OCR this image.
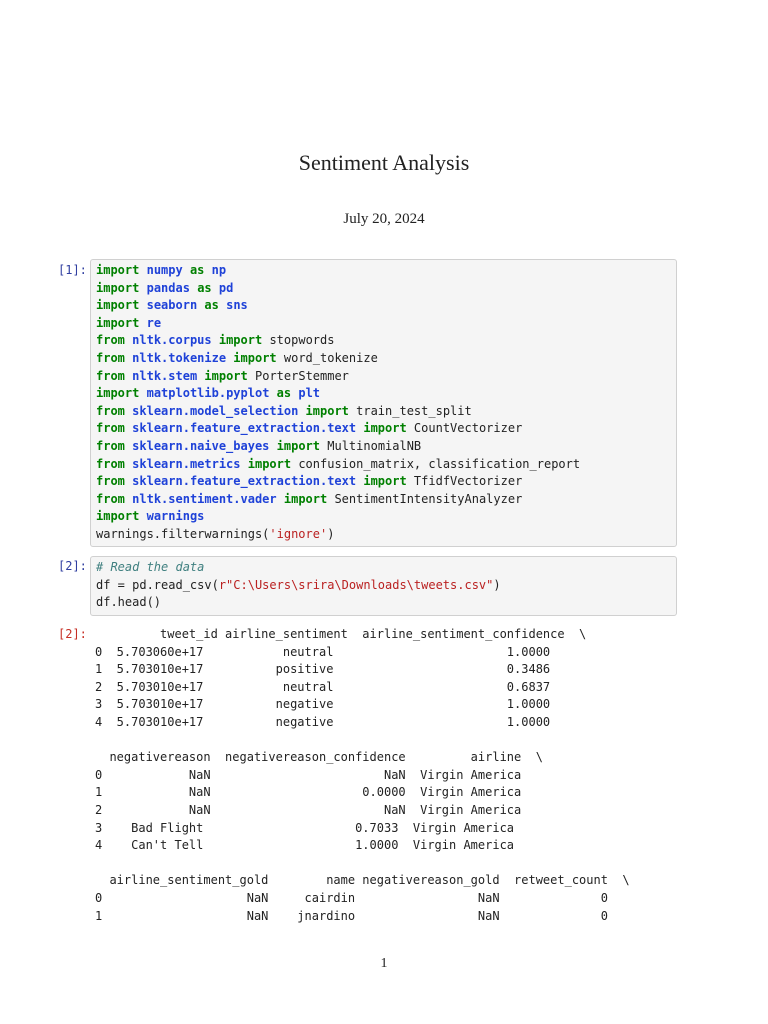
Sentiment Analysis
July 20, 2024
[1]: import numpy as np
import pandas as pd
import seaborn as sns
import re
from nltk.corpus import stopwords
from nltk.tokenize import word_tokenize
from nltk.stem import PorterStemmer
import matplotlib.pyplot as plt
from sklearn.model_selection import train_test_split
from sklearn.feature_extraction.text import CountVectorizer
from sklearn.naive_bayes import MultinomialNB
from sklearn.metrics import confusion_matrix, classification_report
from sklearn.feature_extraction.text import TfidfVectorizer
from nltk.sentiment.vader import SentimentIntensityAnalyzer
import warnings
warnings.filterwarnings('ignore')
[2]: # Read the data
df = pd.read_csv(r"C:\Users\srira\Downloads\tweets.csv")
df.head()
[2]: tweet_id airline_sentiment  airline_sentiment_confidence  \
0  5.703060e+17           neutral                        1.0000
1  5.703010e+17          positive                        0.3486
2  5.703010e+17           neutral                        0.6837
3  5.703010e+17          negative                        1.0000
4  5.703010e+17          negative                        1.0000
negativereason  negativereason_confidence         airline  \
0            NaN                        NaN  Virgin America
1            NaN                     0.0000  Virgin America
2            NaN                        NaN  Virgin America
3    Bad Flight                     0.7033  Virgin America
4    Can't Tell                     1.0000  Virgin America
airline_sentiment_gold        name negativereason_gold  retweet_count  \
0                    NaN     cairdin                 NaN              0
1                    NaN    jnardino                 NaN              0
1
